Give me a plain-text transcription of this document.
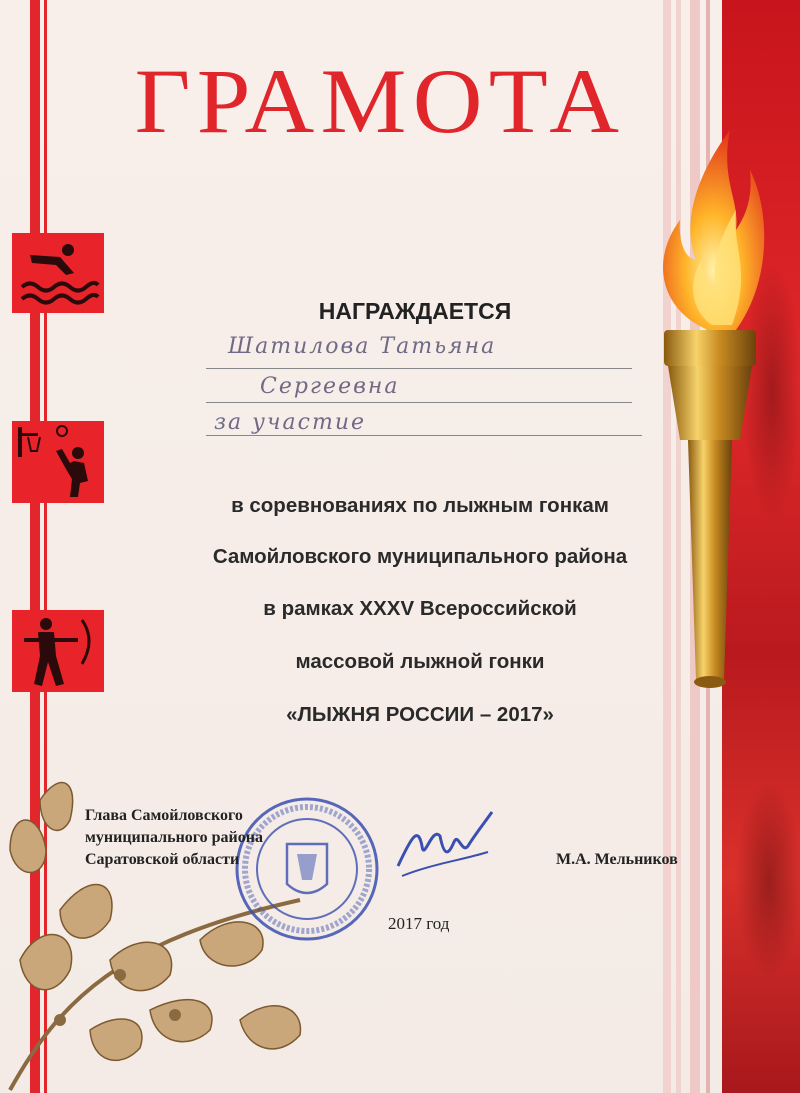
ГРАМОТА
НАГРАЖДАЕТСЯ
Шатилова Татьяна
Сергеевна
за участие
в соревнованиях по лыжным гонкам
Самойловского муниципального района
в рамках XXXV Всероссийской
массовой лыжной гонки
«ЛЫЖНЯ РОССИИ – 2017»
Глава Самойловского
муниципального района
Саратовской области	М.А. Мельников
2017 год
